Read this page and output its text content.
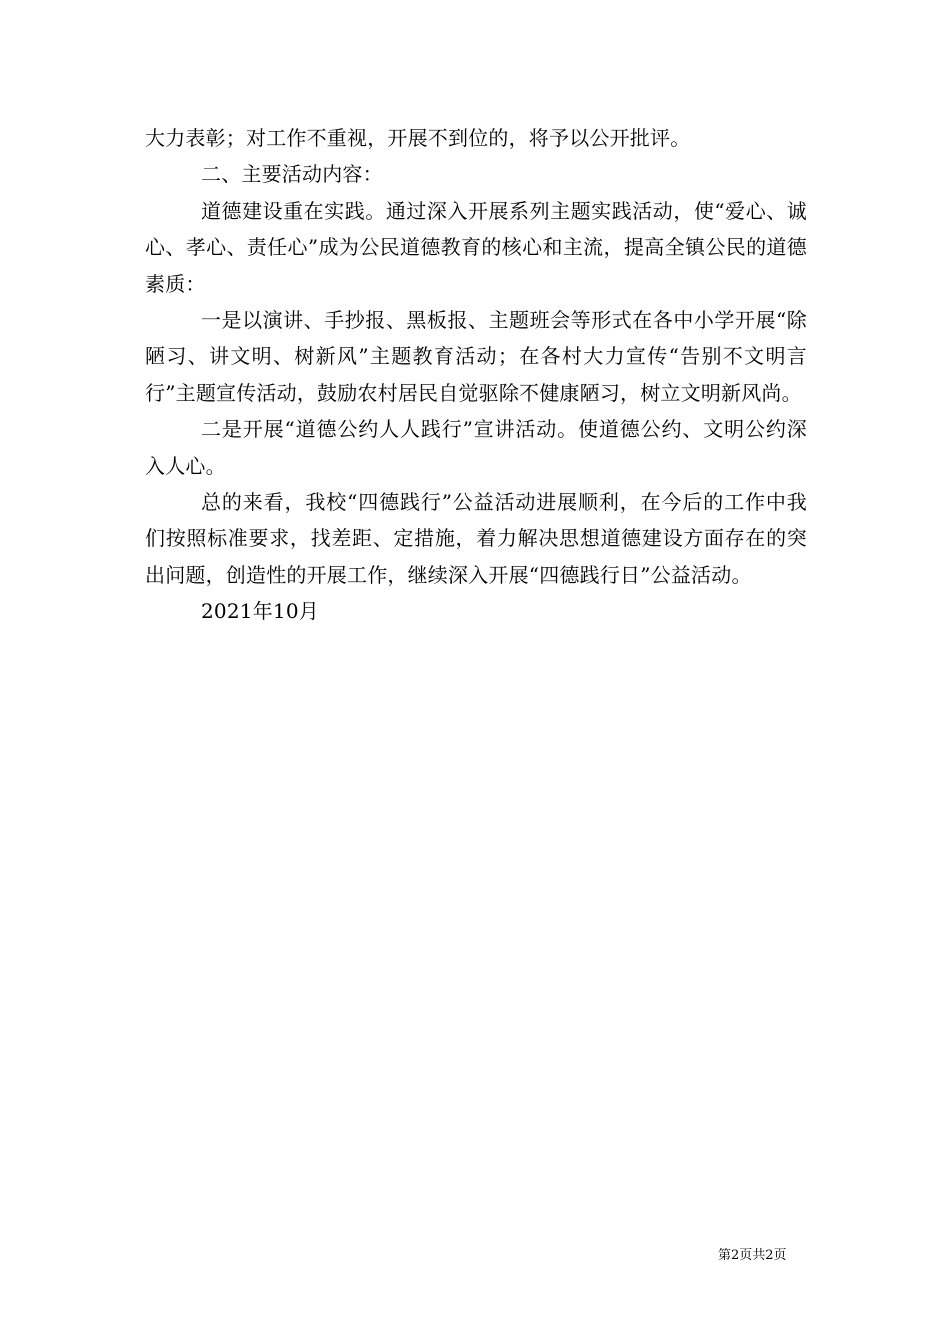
大力表彰；对工作不重视，开展不到位的，将予以公开批评。

二、主要活动内容：

道德建设重在实践。通过深入开展系列主题实践活动，使“爱心、诚心、孝心、责任心”成为公民道德教育的核心和主流，提高全镇公民的道德素质：

一是以演讲、手抄报、黑板报、主题班会等形式在各中小学开展“除陋习、讲文明、树新风”主题教育活动；在各村大力宣传“告别不文明言行”主题宣传活动，鼓励农村居民自觉驱除不健康陋习，树立文明新风尚。

二是开展“道德公约人人践行”宣讲活动。使道德公约、文明公约深入人心。

总的来看，我校“四德践行”公益活动进展顺利，在今后的工作中我们按照标准要求，找差距、定措施，着力解决思想道德建设方面存在的突出问题，创造性的开展工作，继续深入开展“四德践行日”公益活动。

2021年10月

第2页共2页
